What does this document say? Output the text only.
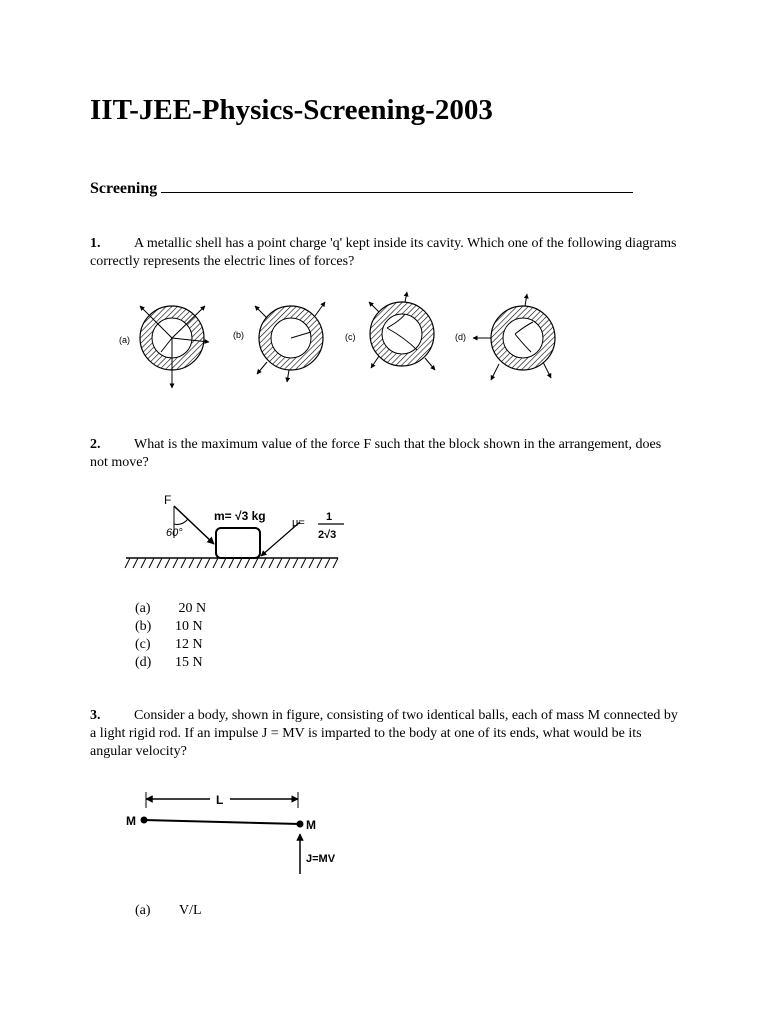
IIT-JEE-Physics-Screening-2003
Screening
1. A metallic shell has a point charge 'q' kept inside its cavity. Which one of the following diagrams correctly represents the electric lines of forces?
(a)	(b)	(c)	(d)
2. What is the maximum value of the force F such that the block shown in the arrangement, does not move?
F
60°
m= √3 kg μ= 1
2√3
(a)	20 N
(b)	10 N
(c)	12 N
(d)	15 N
3. Consider a body, shown in figure, consisting of two identical balls, each of mass M connected by a light rigid rod. If an impulse J = MV is imparted to the body at one of its ends, what would be its angular velocity?
L
M	M
J=MV
(a)	V/L
